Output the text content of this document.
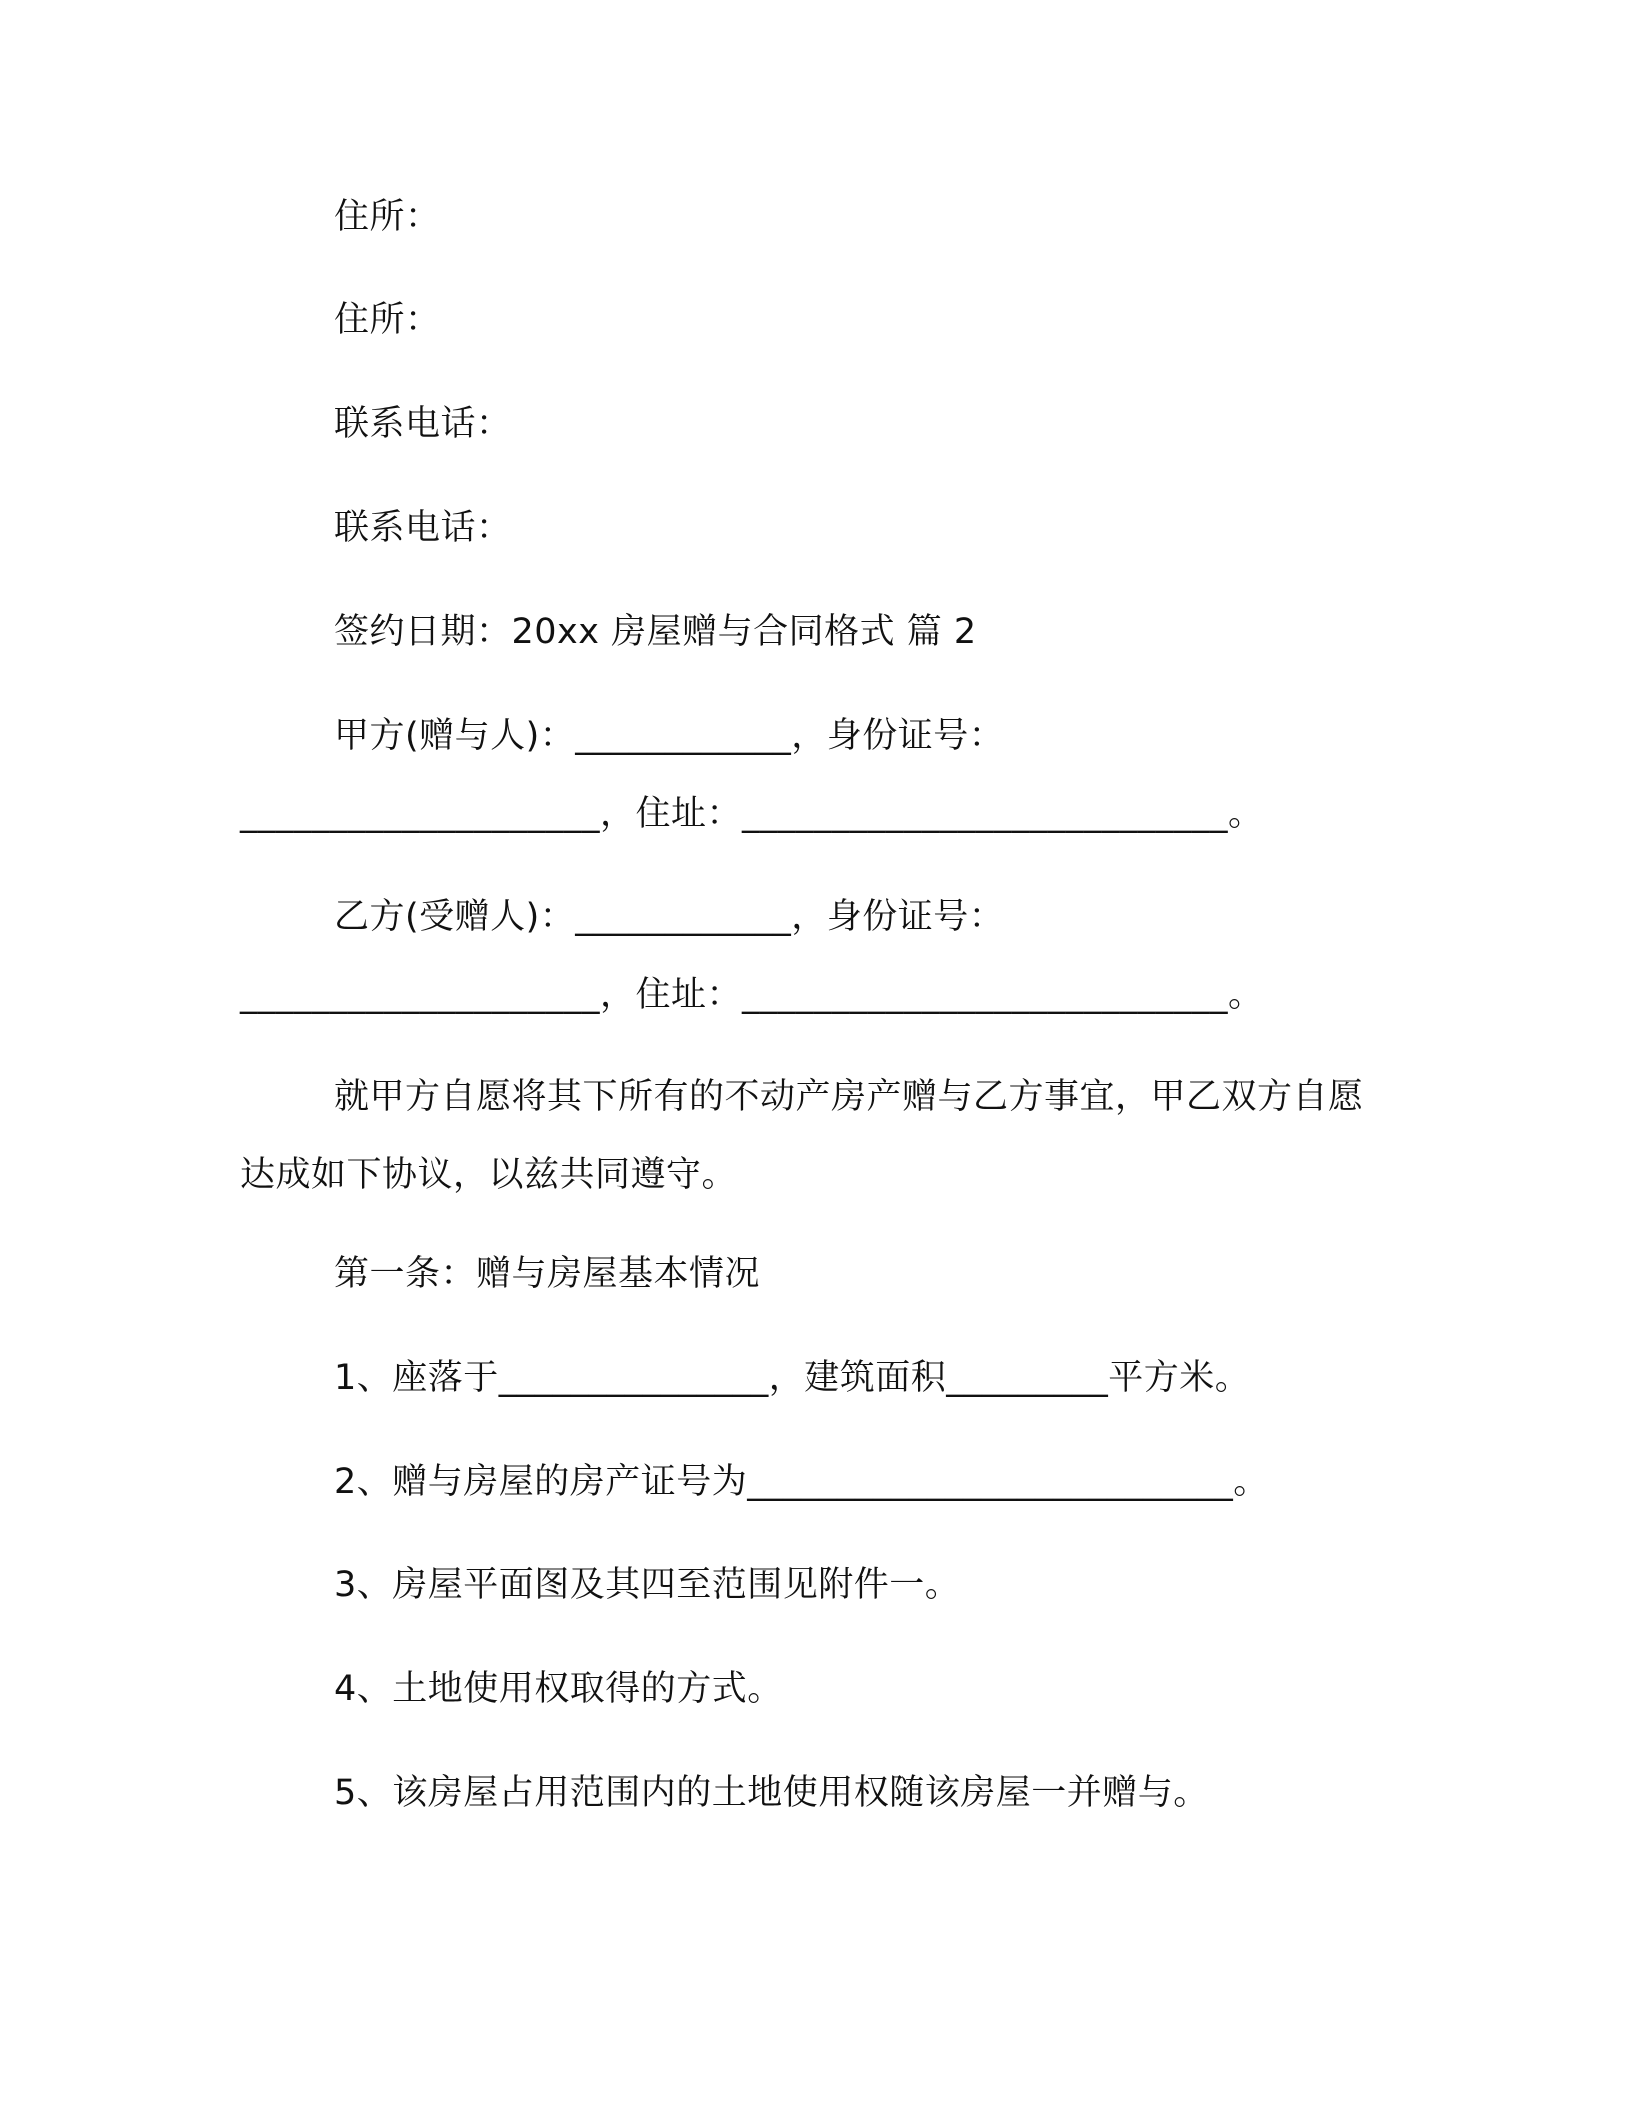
住所：
住所：
联系电话：
联系电话：
签约日期：20xx 房屋赠与合同格式 篇 2
甲方(赠与人)：____________，身份证号：
____________________，住址：___________________________。
乙方(受赠人)：____________，身份证号：
____________________，住址：___________________________。
就甲方自愿将其下所有的不动产房产赠与乙方事宜，甲乙双方自愿达成如下协议，以兹共同遵守。
第一条：赠与房屋基本情况
1、座落于_______________，建筑面积_________平方米。
2、赠与房屋的房产证号为___________________________。
3、房屋平面图及其四至范围见附件一。
4、土地使用权取得的方式。
5、该房屋占用范围内的土地使用权随该房屋一并赠与。
